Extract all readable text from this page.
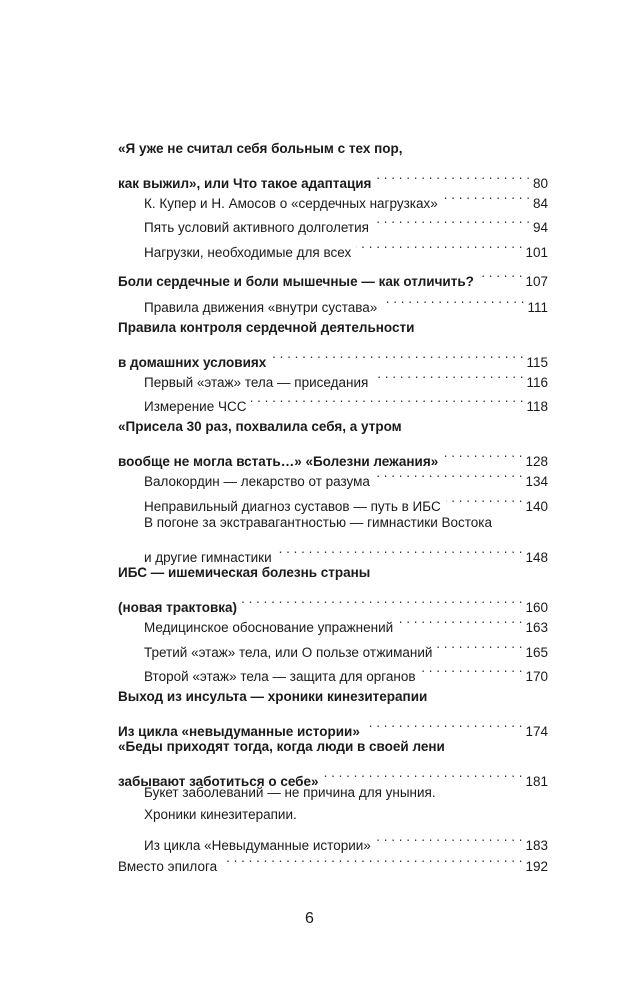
«Я уже не считал себя больным с тех пор,
как выжил», или Что такое адаптация . . .	80
К. Купер и Н. Амосов о «сердечных нагрузках» . . .	84
Пять условий активного долголетия . . .	94
Нагрузки, необходимые для всех . . .	101
Боли сердечные и боли мышечные — как отличить? . . .	107
Правила движения «внутри сустава» . . .	111
Правила контроля сердечной деятельности
в домашних условиях . . .	115
Первый «этаж» тела — приседания . . .	116
Измерение ЧСС . . .	118
«Присела 30 раз, похвалила себя, а утром
вообще не могла встать…» «Болезни лежания» . . .	128
Валокордин — лекарство от разума . . .	134
Неправильный диагноз суставов — путь в ИБС . . .	140
В погоне за экстравагантностью — гимнастики Востока
и другие гимнастики . . .	148
ИБС — ишемическая болезнь страны
(новая трактовка) . . .	160
Медицинское обоснование упражнений . . .	163
Третий «этаж» тела, или О пользе отжиманий . . .	165
Второй «этаж» тела — защита для органов . . .	170
Выход из инсульта — хроники кинезитерапии
Из цикла «невыдуманные истории» . . .	174
«Беды приходят тогда, когда люди в своей лени
забывают заботиться о себе» . . .	181
Букет заболеваний — не причина для уныния.
Хроники кинезитерапии.
Из цикла «Невыдуманные истории» . . .	183
Вместо эпилога . . .	192
6
